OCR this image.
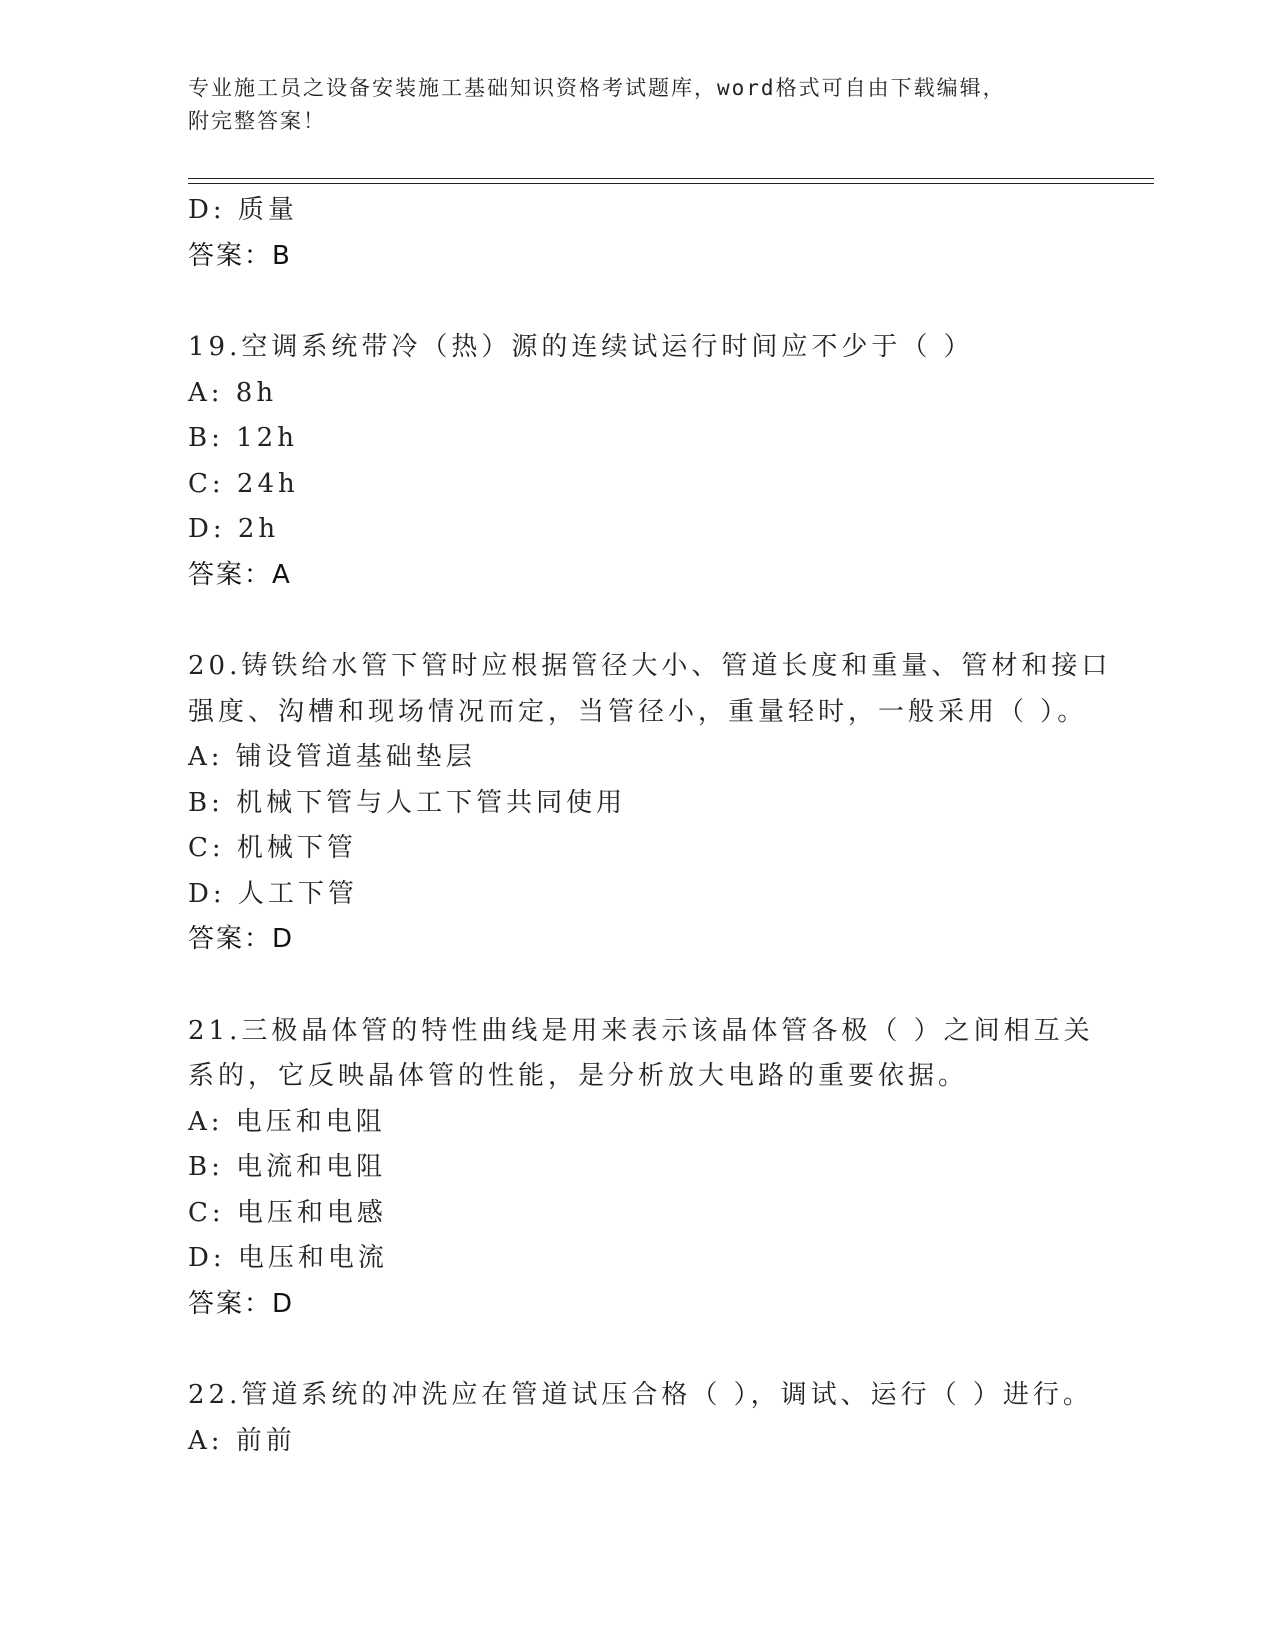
专业施工员之设备安装施工基础知识资格考试题库，word格式可自由下载编辑，
附完整答案！
D: 质量
答案：B
19.空调系统带冷（热）源的连续试运行时间应不少于（ ）
A: 8h
B: 12h
C: 24h
D: 2h
答案：A
20.铸铁给水管下管时应根据管径大小、管道长度和重量、管材和接口
强度、沟槽和现场情况而定，当管径小，重量轻时，一般采用（ ）。
A: 铺设管道基础垫层
B: 机械下管与人工下管共同使用
C: 机械下管
D: 人工下管
答案：D
21.三极晶体管的特性曲线是用来表示该晶体管各极（ ）之间相互关
系的，它反映晶体管的性能，是分析放大电路的重要依据。
A: 电压和电阻
B: 电流和电阻
C: 电压和电感
D: 电压和电流
答案：D
22.管道系统的冲洗应在管道试压合格（ ），调试、运行（ ）进行。
A: 前前
